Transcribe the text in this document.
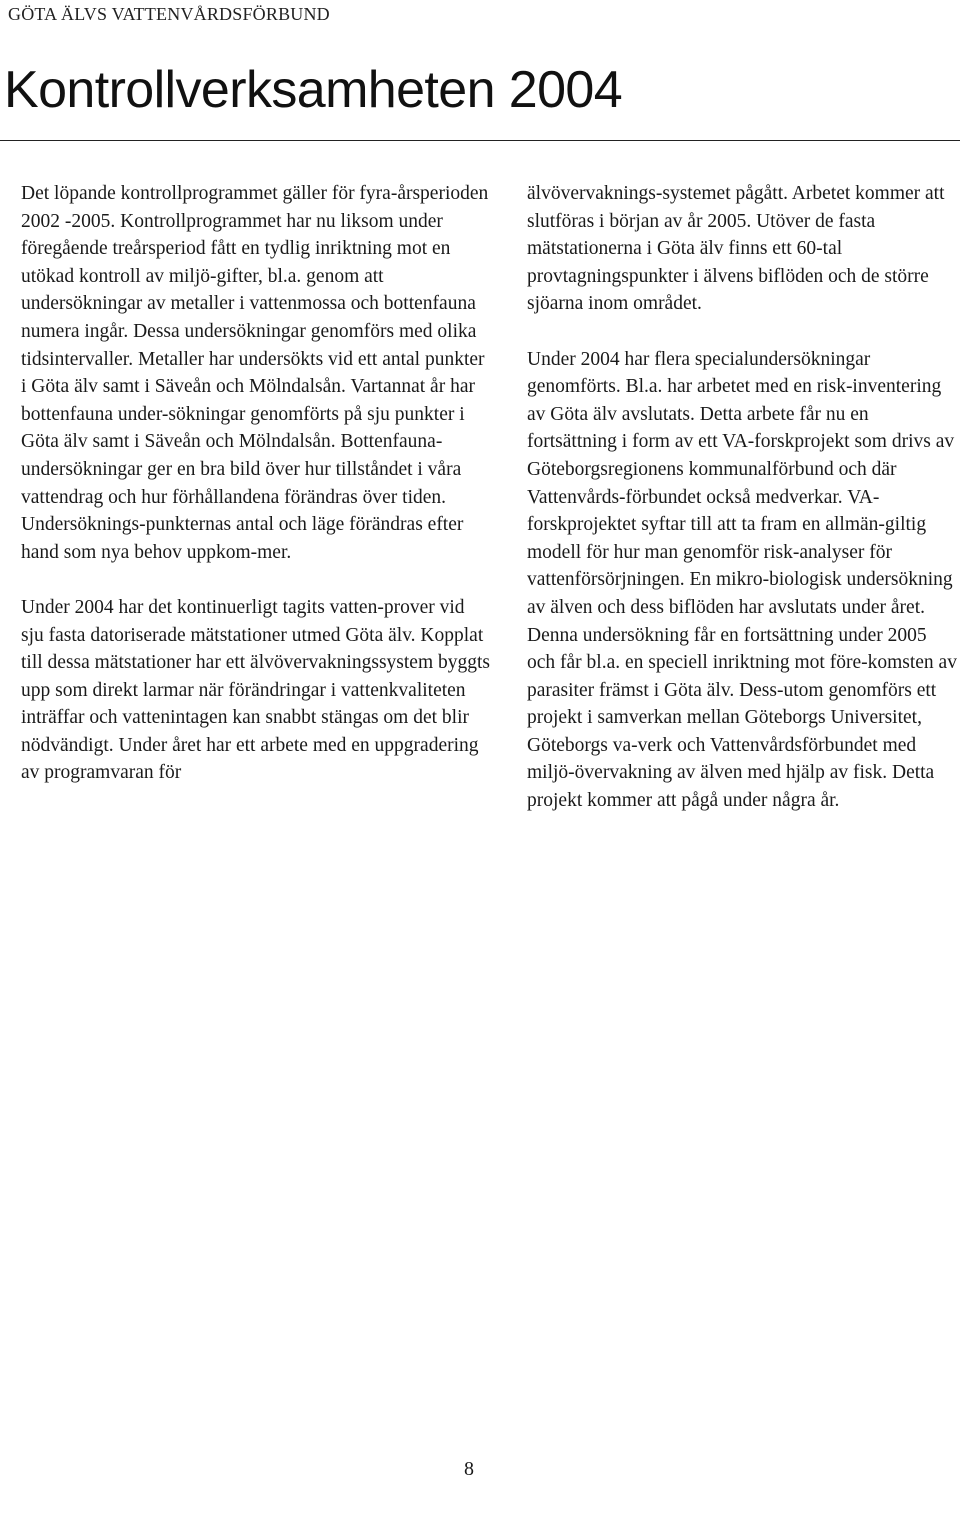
GÖTA ÄLVS VATTENVÅRDSFÖRBUND
Kontrollverksamheten 2004

Det löpande kontrollprogrammet gäller för fyra-årsperioden 2002 -2005. Kontrollprogrammet har nu liksom under föregående treårsperiod fått en tydlig inriktning mot en utökad kontroll av miljö-gifter, bl.a. genom att undersökningar av metaller i vattenmossa och bottenfauna numera ingår. Dessa undersökningar genomförs med olika tidsintervaller. Metaller har undersökts vid ett antal punkter i Göta älv samt i Säveån och Mölndalsån. Vartannat år har bottenfauna under-sökningar genomförts på sju punkter i Göta älv samt i Säveån och Mölndalsån. Bottenfauna-undersökningar ger en bra bild över hur tillståndet i våra vattendrag och hur förhållandena förändras över tiden. Undersöknings-punkternas antal och läge förändras efter hand som nya behov uppkom-mer.

Under 2004 har det kontinuerligt tagits vatten-prover vid sju fasta datoriserade mätstationer utmed Göta älv. Kopplat till dessa mätstationer har ett älvövervakningssystem byggts upp som direkt larmar när förändringar i vattenkvaliteten inträffar och vattenintagen kan snabbt stängas om det blir nödvändigt. Under året har ett arbete med en uppgradering av programvaran för

älvövervaknings-systemet pågått. Arbetet kommer att slutföras i början av år 2005. Utöver de fasta mätstationerna i Göta älv finns ett 60-tal provtagningspunkter i älvens biflöden och de större sjöarna inom området.

Under 2004 har flera specialundersökningar genomförts. Bl.a. har arbetet med en risk-inventering av Göta älv avslutats. Detta arbete får nu en fortsättning i form av ett VA-forskprojekt som drivs av Göteborgsregionens kommunalförbund och där Vattenvårds-förbundet också medverkar. VA-forskprojektet syftar till att ta fram en allmän-giltig modell för hur man genomför risk-analyser för vattenförsörjningen. En mikro-biologisk undersökning av älven och dess biflöden har avslutats under året. Denna undersökning får en fortsättning under 2005 och får bl.a. en speciell inriktning mot före-komsten av parasiter främst i Göta älv. Dess-utom genomförs ett projekt i samverkan mellan Göteborgs Universitet, Göteborgs va-verk och Vattenvårdsförbundet med miljö-övervakning av älven med hjälp av fisk. Detta projekt kommer att pågå under några år.

8
